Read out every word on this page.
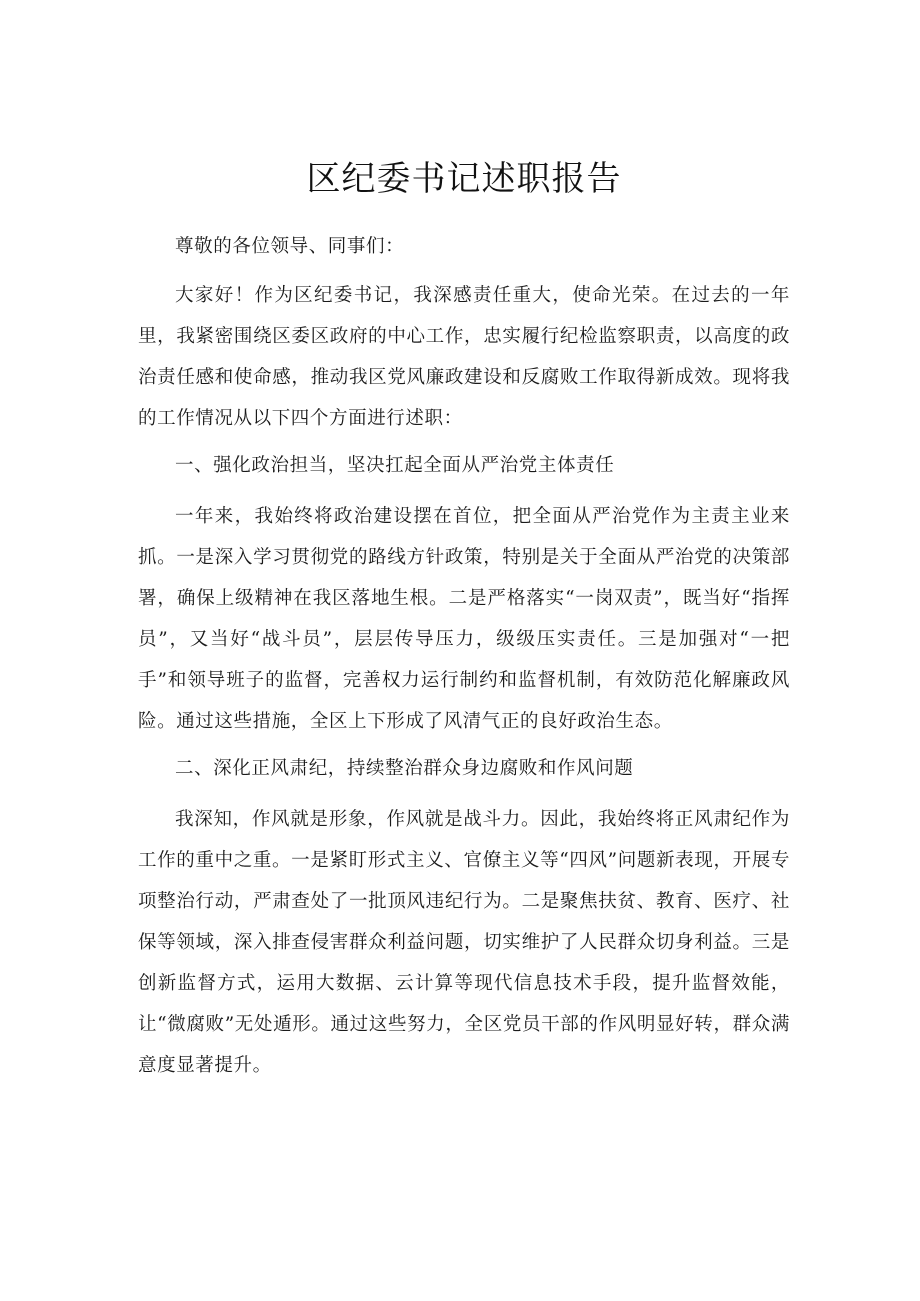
区纪委书记述职报告

尊敬的各位领导、同事们：

大家好！作为区纪委书记，我深感责任重大，使命光荣。在过去的一年里，我紧密围绕区委区政府的中心工作，忠实履行纪检监察职责，以高度的政治责任感和使命感，推动我区党风廉政建设和反腐败工作取得新成效。现将我的工作情况从以下四个方面进行述职：

一、强化政治担当，坚决扛起全面从严治党主体责任

一年来，我始终将政治建设摆在首位，把全面从严治党作为主责主业来抓。一是深入学习贯彻党的路线方针政策，特别是关于全面从严治党的决策部署，确保上级精神在我区落地生根。二是严格落实“一岗双责”，既当好“指挥员”，又当好“战斗员”，层层传导压力，级级压实责任。三是加强对“一把手”和领导班子的监督，完善权力运行制约和监督机制，有效防范化解廉政风险。通过这些措施，全区上下形成了风清气正的良好政治生态。

二、深化正风肃纪，持续整治群众身边腐败和作风问题

我深知，作风就是形象，作风就是战斗力。因此，我始终将正风肃纪作为工作的重中之重。一是紧盯形式主义、官僚主义等“四风”问题新表现，开展专项整治行动，严肃查处了一批顶风违纪行为。二是聚焦扶贫、教育、医疗、社保等领域，深入排查侵害群众利益问题，切实维护了人民群众切身利益。三是创新监督方式，运用大数据、云计算等现代信息技术手段，提升监督效能，让“微腐败”无处遁形。通过这些努力，全区党员干部的作风明显好转，群众满意度显著提升。
